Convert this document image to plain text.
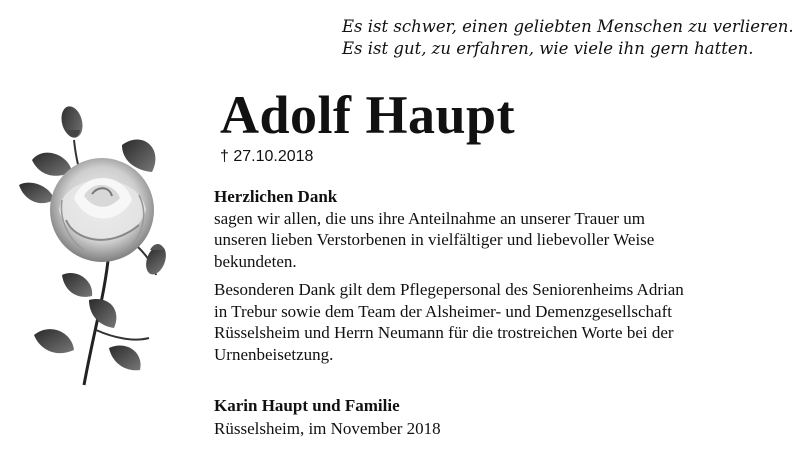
Es ist schwer, einen geliebten Menschen zu verlieren.
Es ist gut, zu erfahren, wie viele ihn gern hatten.
Adolf Haupt
† 27.10.2018
Herzlichen Dank
sagen wir allen, die uns ihre Anteilnahme an unserer Trauer um
unseren lieben Verstorbenen in vielfältiger und liebevoller Weise
bekundeten.
Besonderen Dank gilt dem Pflegepersonal des Seniorenheims Adrian
in Trebur sowie dem Team der Alsheimer- und Demenzgesellschaft
Rüsselsheim und Herrn Neumann für die trostreichen Worte bei der
Urnenbeisetzung.
Karin Haupt und Familie
Rüsselsheim, im November 2018
